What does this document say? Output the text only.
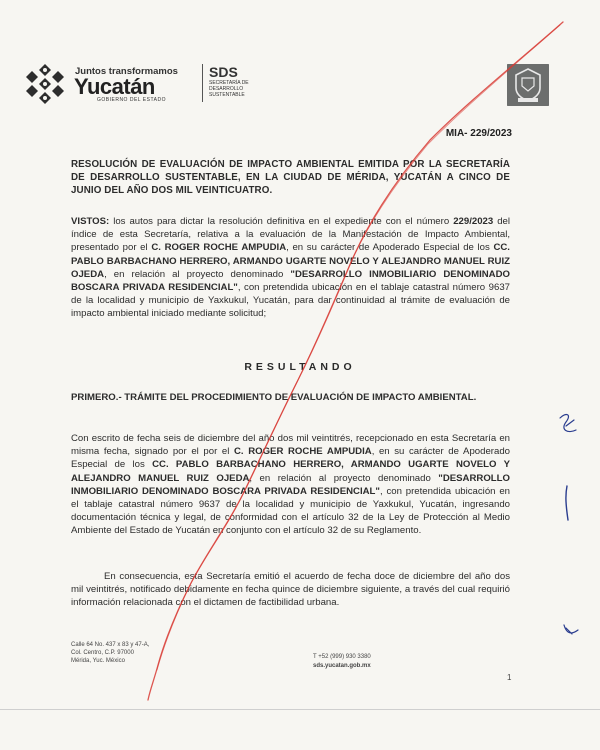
Juntos transformamos
Yucatán
GOBIERNO DEL ESTADO
SDS
SECRETARÍA DE DESARROLLO SUSTENTABLE
MIA- 229/2023
RESOLUCIÓN DE EVALUACIÓN DE IMPACTO AMBIENTAL EMITIDA POR LA SECRETARÍA DE DESARROLLO SUSTENTABLE, EN LA CIUDAD DE MÉRIDA, YUCATÁN A CINCO DE JUNIO DEL AÑO DOS MIL VEINTICUATRO.
VISTOS: los autos para dictar la resolución definitiva en el expediente con el número 229/2023 del índice de esta Secretaría, relativa a la evaluación de la Manifestación de Impacto Ambiental, presentado por el C. ROGER ROCHE AMPUDIA, en su carácter de Apoderado Especial de los CC. PABLO BARBACHANO HERRERO, ARMANDO UGARTE NOVELO Y ALEJANDRO MANUEL RUIZ OJEDA, en relación al proyecto denominado "DESARROLLO INMOBILIARIO DENOMINADO BOSCARA PRIVADA RESIDENCIAL", con pretendida ubicación en el tablaje catastral número 9637 de la localidad y municipio de Yaxkukul, Yucatán, para dar continuidad al trámite de evaluación de impacto ambiental iniciado mediante solicitud;
RESULTANDO
PRIMERO.- TRÁMITE DEL PROCEDIMIENTO DE EVALUACIÓN DE IMPACTO AMBIENTAL.
Con escrito de fecha seis de diciembre del año dos mil veintitrés, recepcionado en esta Secretaría en misma fecha, signado por el por el C. ROGER ROCHE AMPUDIA, en su carácter de Apoderado Especial de los CC. PABLO BARBACHANO HERRERO, ARMANDO UGARTE NOVELO Y ALEJANDRO MANUEL RUIZ OJEDA, en relación al proyecto denominado "DESARROLLO INMOBILIARIO DENOMINADO BOSCARA PRIVADA RESIDENCIAL", con pretendida ubicación en el tablaje catastral número 9637 de la localidad y municipio de Yaxkukul, Yucatán, ingresando documentación técnica y legal, de conformidad con el artículo 32 de la Ley de Protección al Medio Ambiente del Estado de Yucatán en conjunto con el artículo 32 de su Reglamento.
En consecuencia, esta Secretaría emitió el acuerdo de fecha doce de diciembre del año dos mil veintitrés, notificado debidamente en fecha quince de diciembre siguiente, a través del cual requirió información relacionada con el dictamen de factibilidad urbana.
Calle 64 No. 437 x 83 y 47-A,
Col. Centro, C.P. 97000
Mérida, Yuc. México
T +52 (999) 930 3380
sds.yucatan.gob.mx
1
